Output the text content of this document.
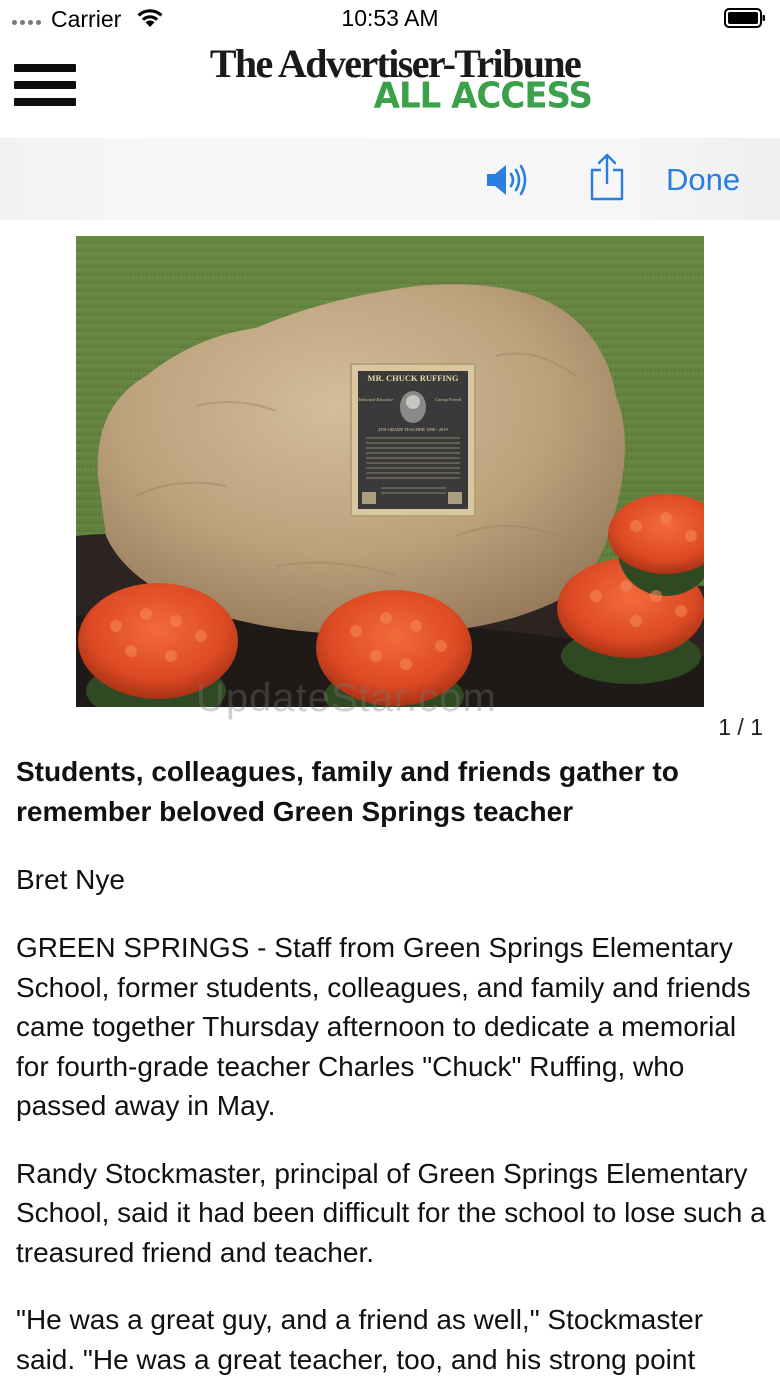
Carrier	10:53 AM
The Advertiser-Tribune
ALL ACCESS
Done
MR. CHUCK RUFFING
Dedicated Educator	Caring Friend
4TH GRADE TEACHER 1998 - 2019
UpdateStar.com
1 / 1
Students, colleagues, family and friends gather to remember beloved Green Springs teacher

Bret Nye

GREEN SPRINGS - Staff from Green Springs Elementary School, former students, colleagues, and family and friends came together Thursday afternoon to dedicate a memorial for fourth-grade teacher Charles "Chuck" Ruffing, who passed away in May.

Randy Stockmaster, principal of Green Springs Elementary School, said it had been difficult for the school to lose such a treasured friend and teacher.

"He was a great guy, and a friend as well," Stockmaster said. "He was a great teacher, too, and his strong point
